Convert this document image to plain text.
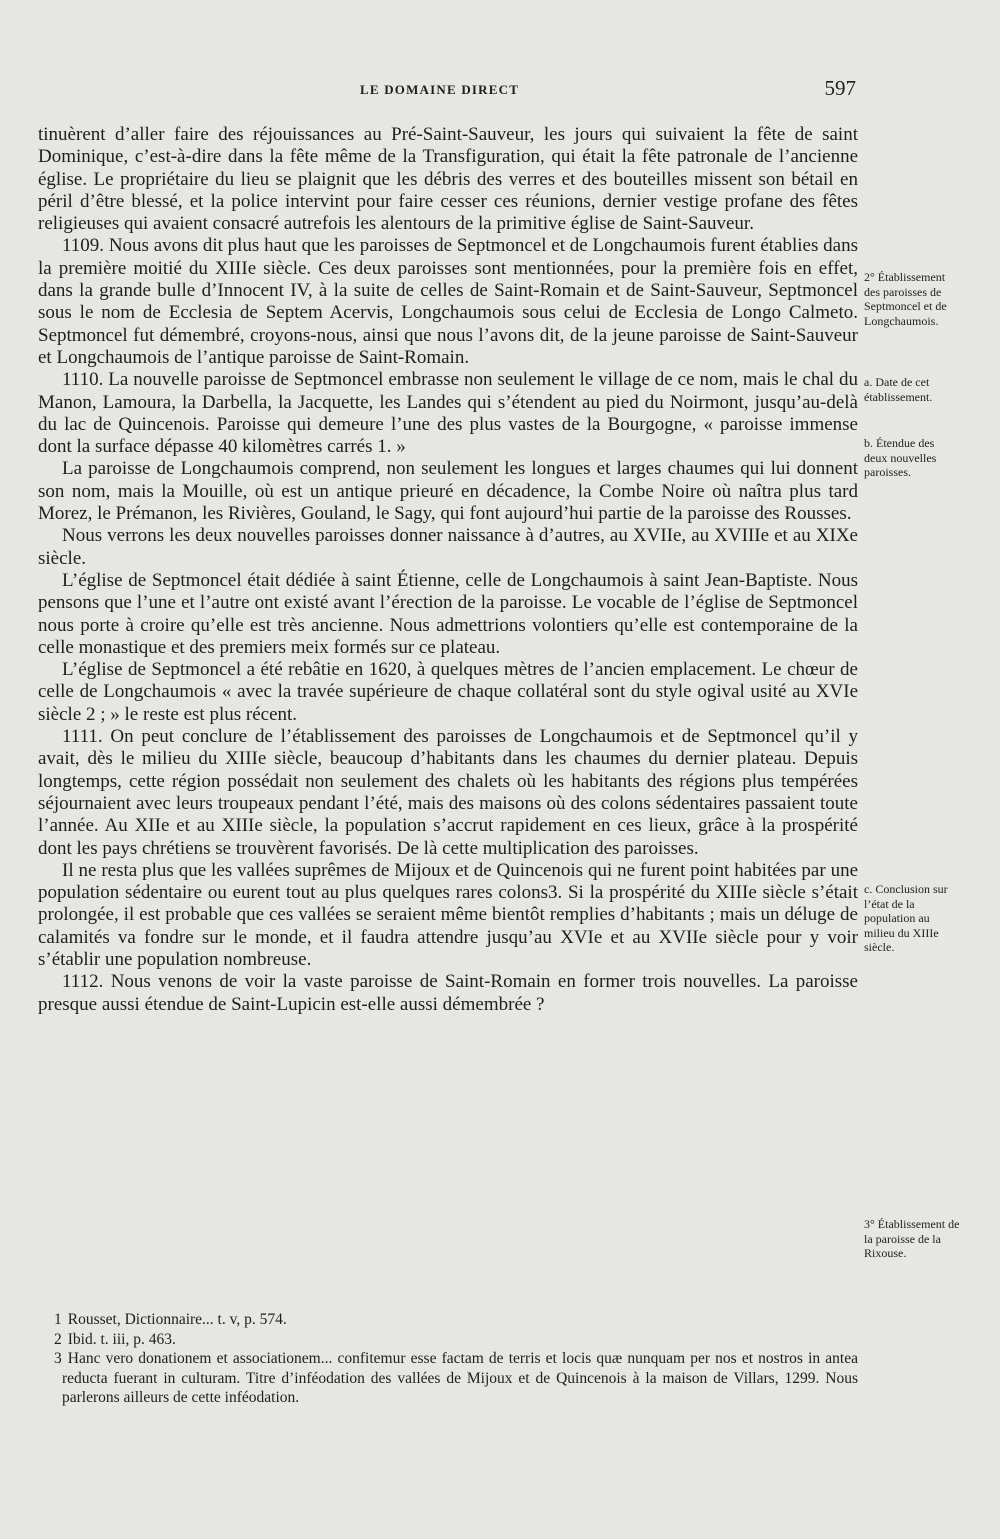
LE DOMAINE DIRECT	597

tinuèrent d’aller faire des réjouissances au Pré-Saint-Sauveur, les jours qui suivaient la fête de saint Dominique, c’est-à-dire dans la fête même de la Transfiguration, qui était la fête patronale de l’ancienne église. Le propriétaire du lieu se plaignit que les débris des verres et des bouteilles missent son bétail en péril d’être blessé, et la police intervint pour faire cesser ces réunions, dernier vestige profane des fêtes religieuses qui avaient consacré autrefois les alentours de la primitive église de Saint-Sauveur.

1109. Nous avons dit plus haut que les paroisses de Septmoncel et de Longchaumois furent établies dans la première moitié du XIIIe siècle. Ces deux paroisses sont mentionnées, pour la première fois en effet, dans la grande bulle d’Innocent IV, à la suite de celles de Saint-Romain et de Saint-Sauveur, Septmoncel sous le nom de Ecclesia de Septem Acervis, Longchaumois sous celui de Ecclesia de Longo Calmeto. Septmoncel fut démembré, croyons-nous, ainsi que nous l’avons dit, de la jeune paroisse de Saint-Sauveur et Longchaumois de l’antique paroisse de Saint-Romain.

1110. La nouvelle paroisse de Septmoncel embrasse non seulement le village de ce nom, mais le chal du Manon, Lamoura, la Darbella, la Jacquette, les Landes qui s’étendent au pied du Noirmont, jusqu’au-delà du lac de Quincenois. Paroisse qui demeure l’une des plus vastes de la Bourgogne, « paroisse immense dont la surface dépasse 40 kilomètres carrés 1. »

La paroisse de Longchaumois comprend, non seulement les longues et larges chaumes qui lui donnent son nom, mais la Mouille, où est un antique prieuré en décadence, la Combe Noire où naîtra plus tard Morez, le Prémanon, les Rivières, Gouland, le Sagy, qui font aujourd’hui partie de la paroisse des Rousses.

Nous verrons les deux nouvelles paroisses donner naissance à d’autres, au XVIIe, au XVIIIe et au XIXe siècle.

L’église de Septmoncel était dédiée à saint Étienne, celle de Longchaumois à saint Jean-Baptiste. Nous pensons que l’une et l’autre ont existé avant l’érection de la paroisse. Le vocable de l’église de Septmoncel nous porte à croire qu’elle est très ancienne. Nous admettrions volontiers qu’elle est contemporaine de la celle monastique et des premiers meix formés sur ce plateau.

L’église de Septmoncel a été rebâtie en 1620, à quelques mètres de l’ancien emplacement. Le chœur de celle de Longchaumois « avec la travée supérieure de chaque collatéral sont du style ogival usité au XVIe siècle 2 ; » le reste est plus récent.

1111. On peut conclure de l’établissement des paroisses de Longchaumois et de Septmoncel qu’il y avait, dès le milieu du XIIIe siècle, beaucoup d’habitants dans les chaumes du dernier plateau. Depuis longtemps, cette région possédait non seulement des chalets où les habitants des régions plus tempérées séjournaient avec leurs troupeaux pendant l’été, mais des maisons où des colons sédentaires passaient toute l’année. Au XIIe et au XIIIe siècle, la population s’accrut rapidement en ces lieux, grâce à la prospérité dont les pays chrétiens se trouvèrent favorisés. De là cette multiplication des paroisses.

Il ne resta plus que les vallées suprêmes de Mijoux et de Quincenois qui ne furent point habitées par une population sédentaire ou eurent tout au plus quelques rares colons3. Si la prospérité du XIIIe siècle s’était prolongée, il est probable que ces vallées se seraient même bientôt remplies d’habitants ; mais un déluge de calamités va fondre sur le monde, et il faudra attendre jusqu’au XVIe et au XVIIe siècle pour y voir s’établir une population nombreuse.

1112. Nous venons de voir la vaste paroisse de Saint-Romain en former trois nouvelles. La paroisse presque aussi étendue de Saint-Lupicin est-elle aussi démembrée ?

2° Établissement des paroisses de Septmoncel et de Longchaumois.
a. Date de cet établissement.
b. Étendue des deux nouvelles paroisses.
c. Conclusion sur l’état de la population au milieu du XIIIe siècle.
3° Établissement de la paroisse de la Rixouse.

1 Rousset, Dictionnaire... t. v, p. 574.

2 Ibid. t. iii, p. 463.

3 Hanc vero donationem et associationem... confitemur esse factam de terris et locis quæ nunquam per nos et nostros in antea reducta fuerant in culturam. Titre d’inféodation des vallées de Mijoux et de Quincenois à la maison de Villars, 1299. Nous parlerons ailleurs de cette inféodation.
